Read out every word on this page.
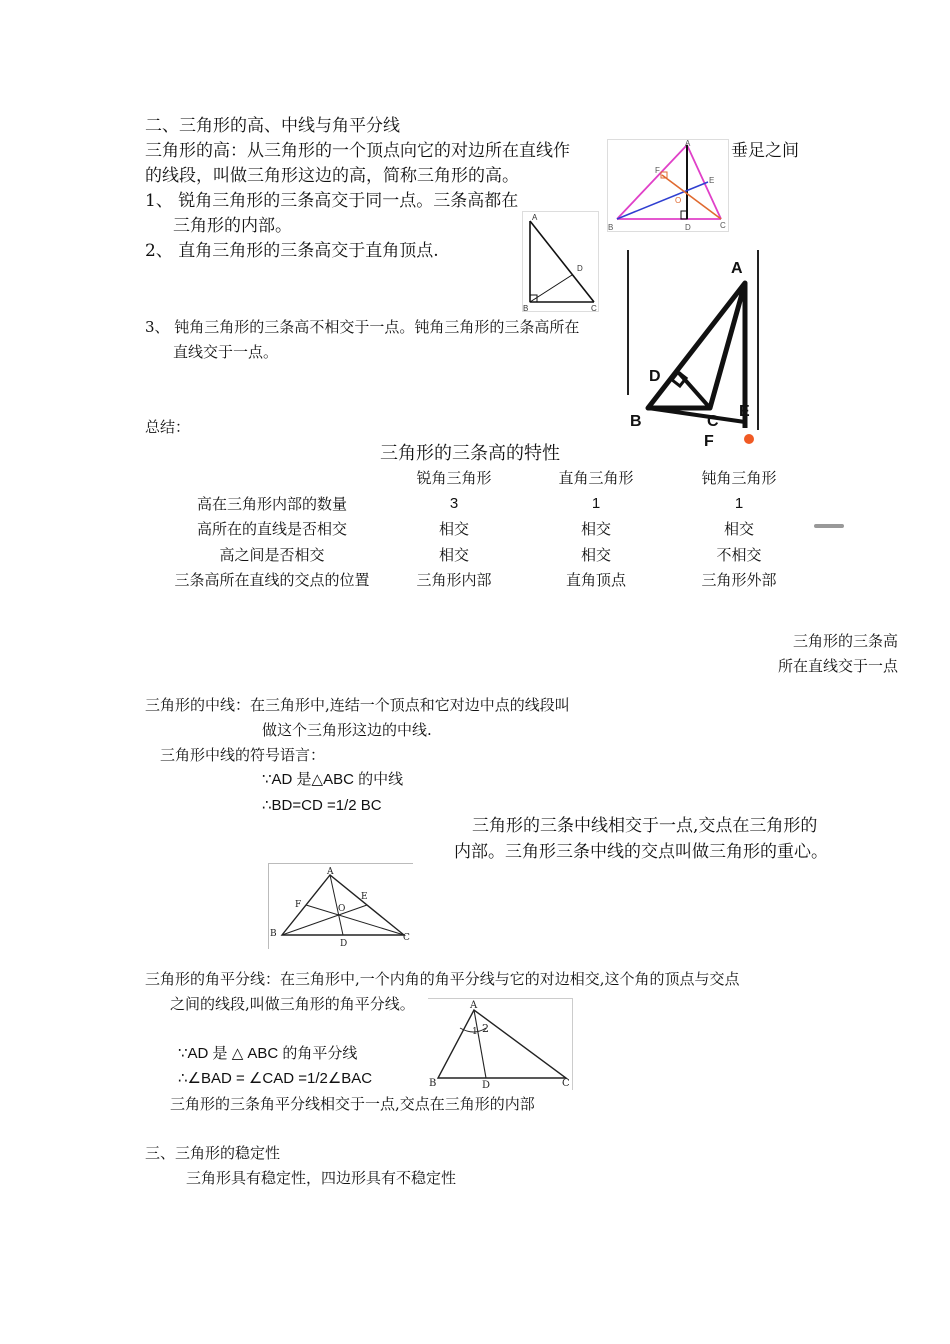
二、三角形的高、中线与角平分线
三角形的高：从三角形的一个顶点向它的对边所在直线作	垂足之间
的线段，叫做三角形这边的高，简称三角形的高。
1、 锐角三角形的三条高交于同一点。三条高都在
三角形的内部。
2、 直角三角形的三条高交于直角顶点.
3、 钝角三角形的三条高不相交于一点。钝角三角形的三条高所在
直线交于一点。
总结：
A
B	C
D
E
F
O
A
B	C
D	A
D
B	C
F
E
三角形的三条高的特性
	锐角三角形	直角三角形	钝角三角形	
高在三角形内部的数量	3	1	1	
高所在的直线是否相交	相交	相交	相交	
高之间是否相交	相交	相交	不相交	
三条高所在直线的交点的位置	三角形内部	直角顶点	三角形外部	
三角形的三条高
所在直线交于一点
三角形的中线：在三角形中,连结一个顶点和它对边中点的线段叫
做这个三角形这边的中线.
三角形中线的符号语言：
∵AD 是△ABC 的中线
∴BD=CD =1/2 BC
三角形的三条中线相交于一点,交点在三角形的
内部。三角形三条中线的交点叫做三角形的重心。
A
B	C
D
E
F	O
三角形的角平分线：在三角形中,一个内角的角平分线与它的对边相交,这个角的顶点与交点
之间的线段,叫做三角形的角平分线。
∵AD 是 △ ABC 的角平分线
∴∠BAD = ∠CAD =1/2∠BAC
三角形的三条角平分线相交于一点,交点在三角形的内部
A
B	C
D
1 2
三、三角形的稳定性
三角形具有稳定性，四边形具有不稳定性
